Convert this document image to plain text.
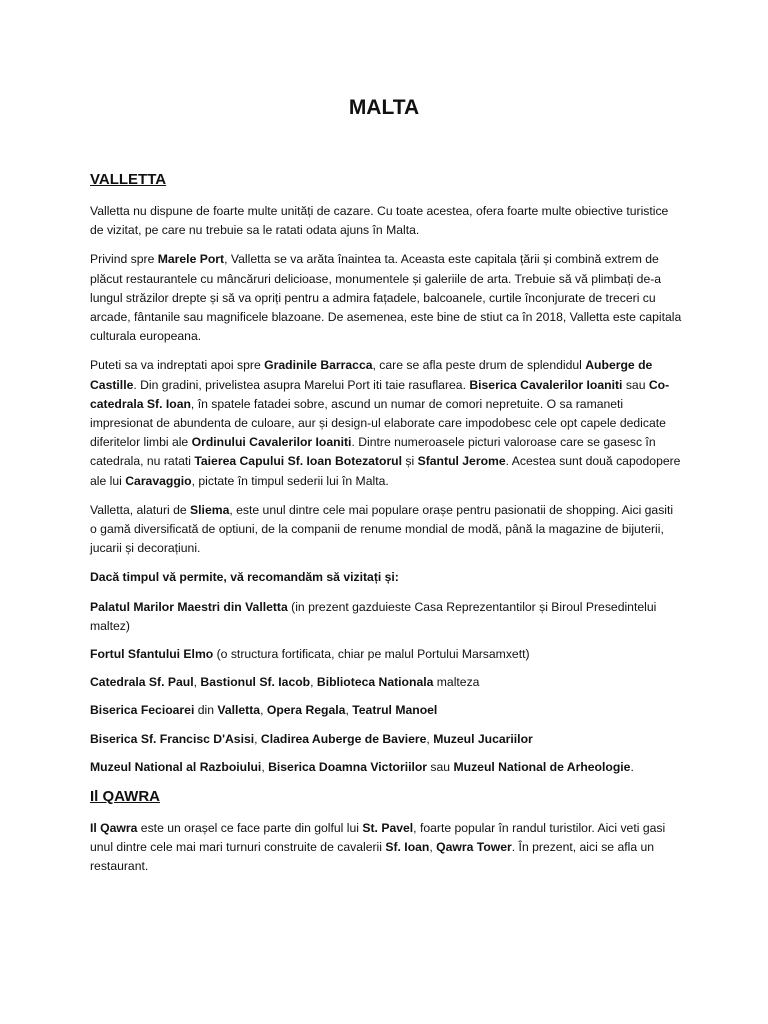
MALTA
VALLETTA

Valletta nu dispune de foarte multe unități de cazare. Cu toate acestea, ofera foarte multe obiective turistice de vizitat, pe care nu trebuie sa le ratati odata ajuns în Malta.

Privind spre Marele Port, Valletta se va arăta înaintea ta. Aceasta este capitala țării și combină extrem de plăcut restaurantele cu mâncăruri delicioase, monumentele și galeriile de arta. Trebuie să vă plimbați de-a lungul străzilor drepte și să va opriți pentru a admira fațadele, balcoanele, curtile înconjurate de treceri cu arcade, fântanile sau magnificele blazoane. De asemenea, este bine de stiut ca în 2018, Valletta este capitala culturala europeana.

Puteti sa va indreptati apoi spre Gradinile Barracca, care se afla peste drum de splendidul Auberge de Castille. Din gradini, privelistea asupra Marelui Port iti taie rasuflarea. Biserica Cavalerilor Ioaniti sau Co-catedrala Sf. Ioan, în spatele fatadei sobre, ascund un numar de comori nepretuite. O sa ramaneti impresionat de abundenta de culoare, aur și design-ul elaborate care impodobesc cele opt capele dedicate diferitelor limbi ale Ordinului Cavalerilor Ioaniti. Dintre numeroasele picturi valoroase care se gasesc în catedrala, nu ratati Taierea Capului Sf. Ioan Botezatorul și Sfantul Jerome. Acestea sunt două capodopere ale lui Caravaggio, pictate în timpul sederii lui în Malta.

Valletta, alaturi de Sliema, este unul dintre cele mai populare orașe pentru pasionatii de shopping. Aici gasiti o gamă diversificată de optiuni, de la companii de renume mondial de modă, până la magazine de bijuterii, jucarii și decorațiuni.

Dacă timpul vă permite, vă recomandăm să vizitați și:

Palatul Marilor Maestri din Valletta (in prezent gazduieste Casa Reprezentantilor și Biroul Presedintelui maltez)

Fortul Sfantului Elmo (o structura fortificata, chiar pe malul Portului Marsamxett)

Catedrala Sf. Paul, Bastionul Sf. Iacob, Biblioteca Nationala malteza

Biserica Fecioarei din Valletta, Opera Regala, Teatrul Manoel

Biserica Sf. Francisc D'Asisi, Cladirea Auberge de Baviere, Muzeul Jucariilor

Muzeul National al Razboiului, Biserica Doamna Victoriilor sau Muzeul National de Arheologie.

Il QAWRA

Il Qawra este un orașel ce face parte din golful lui St. Pavel, foarte popular în randul turistilor. Aici veti gasi unul dintre cele mai mari turnuri construite de cavalerii Sf. Ioan, Qawra Tower. În prezent, aici se afla un restaurant.
